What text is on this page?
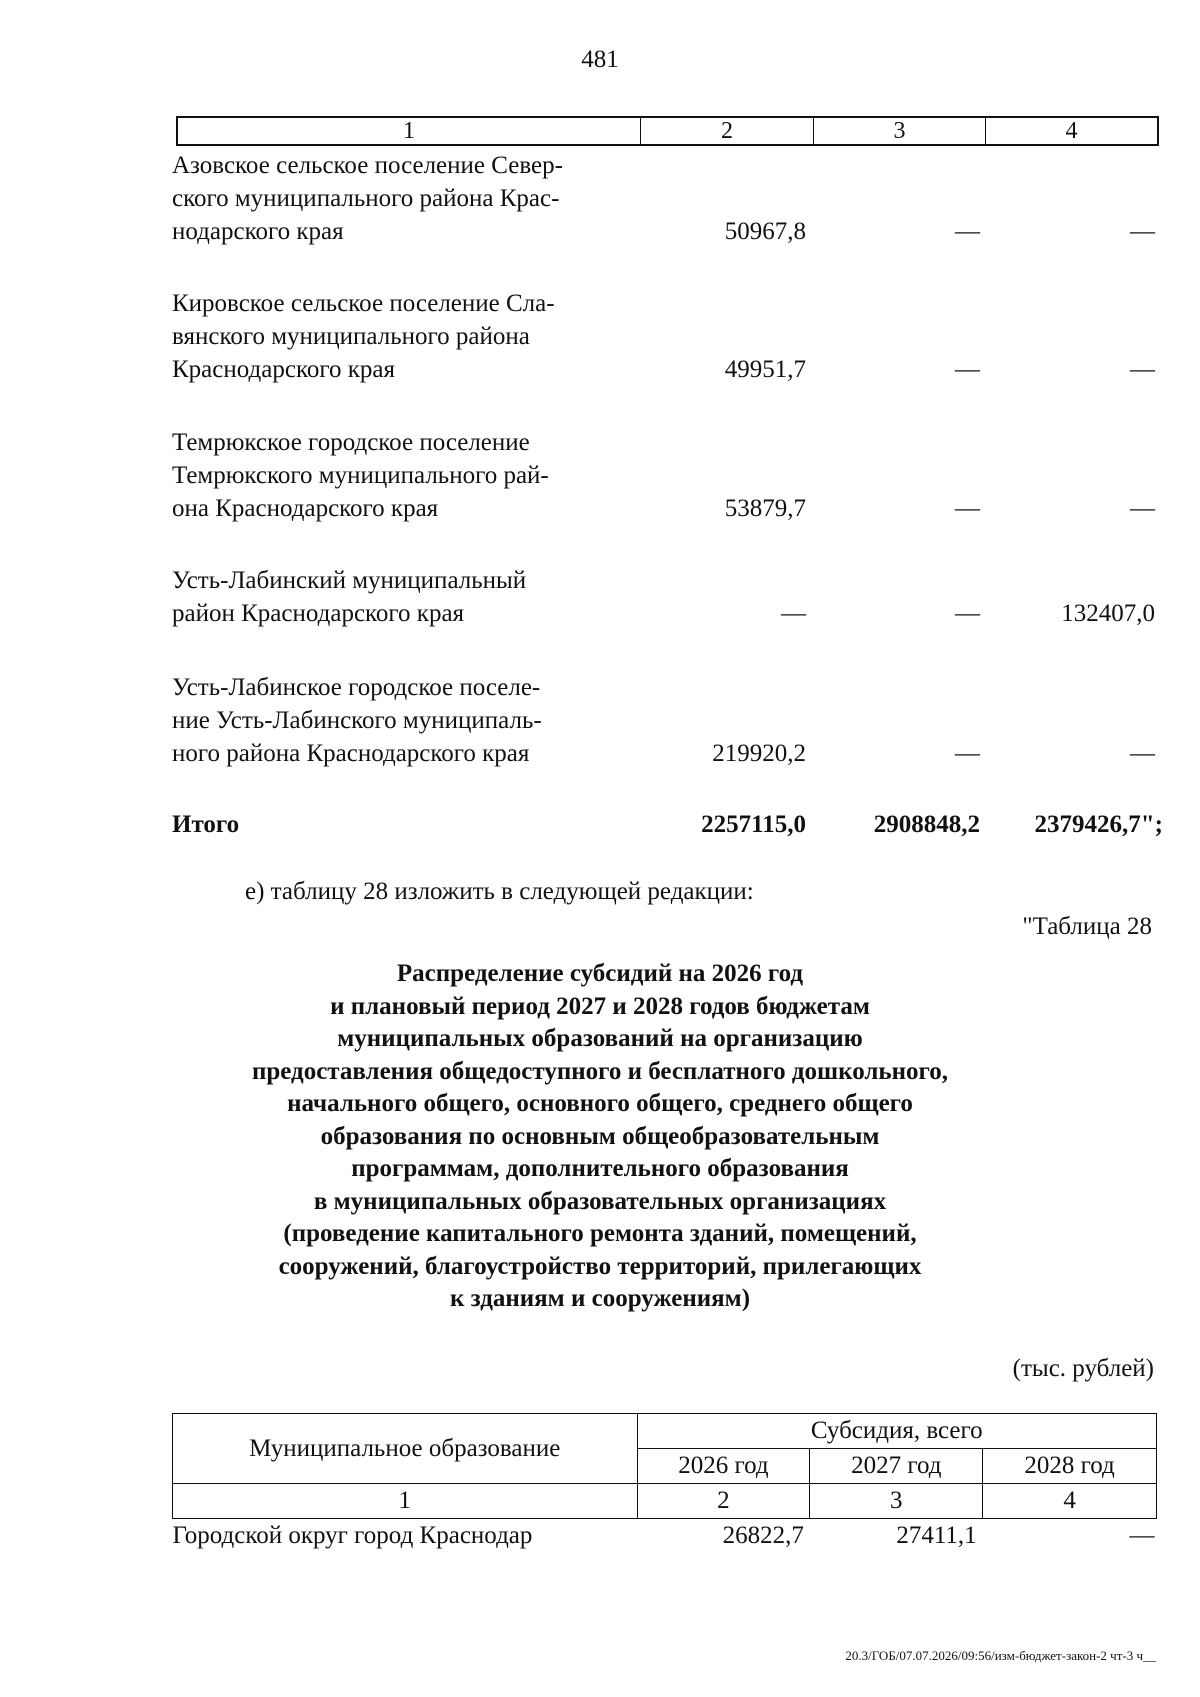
481
1	2	3	4
Азовское сельское поселение Север-
ского муниципального района Крас-
нодарского края	50967,8	—	—
Кировское сельское поселение Сла-
вянского муниципального района
Краснодарского края	49951,7	—	—
Темрюкское городское поселение
Темрюкского муниципального рай-
она Краснодарского края	53879,7	—	—
Усть-Лабинский муниципальный
район Краснодарского края	—	—	132407,0
Усть-Лабинское городское поселе-
ние Усть-Лабинского муниципаль-
ного района Краснодарского края	219920,2	—	—
Итого	2257115,0	2908848,2	2379426,7";
е) таблицу 28 изложить в следующей редакции:
"Таблица 28
Распределение субсидий на 2026 год
и плановый период 2027 и 2028 годов бюджетам
муниципальных образований на организацию
предоставления общедоступного и бесплатного дошкольного,
начального общего, основного общего, среднего общего
образования по основным общеобразовательным
программам, дополнительного образования
в муниципальных образовательных организациях
(проведение капитального ремонта зданий, помещений,
сооружений, благоустройство территорий, прилегающих
к зданиям и сооружениям)
(тыс. рублей)
Муниципальное образование	Субсидия, всего		
	2026 год	2027 год	2028 год
1	2	3	4
Городской округ город Краснодар	26822,7	27411,1	—
20.3/ГОБ/07.07.2026/09:56/изм-бюджет-закон-2 чт-3 ч__
